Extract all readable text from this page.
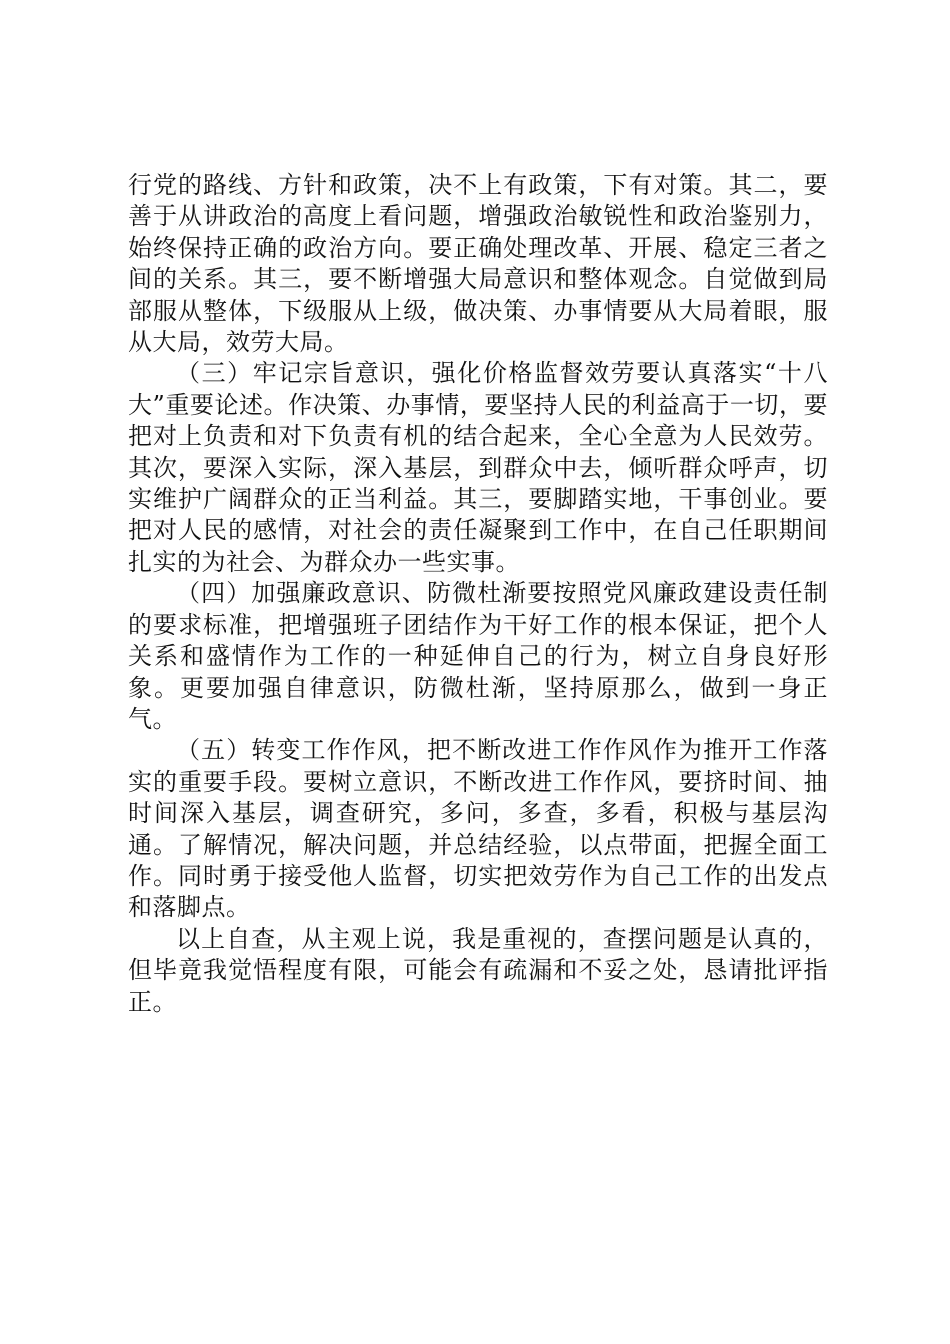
行党的路线、方针和政策，决不上有政策，下有对策。其二，要善于从讲政治的高度上看问题，增强政治敏锐性和政治鉴别力，始终保持正确的政治方向。要正确处理改革、开展、稳定三者之间的关系。其三，要不断增强大局意识和整体观念。自觉做到局部服从整体，下级服从上级，做决策、办事情要从大局着眼，服从大局，效劳大局。

（三）牢记宗旨意识，强化价格监督效劳要认真落实“十八大”重要论述。作决策、办事情，要坚持人民的利益高于一切，要把对上负责和对下负责有机的结合起来，全心全意为人民效劳。其次，要深入实际，深入基层，到群众中去，倾听群众呼声，切实维护广阔群众的正当利益。其三，要脚踏实地，干事创业。要把对人民的感情，对社会的责任凝聚到工作中，在自己任职期间扎实的为社会、为群众办一些实事。

（四）加强廉政意识、防微杜渐要按照党风廉政建设责任制的要求标准，把增强班子团结作为干好工作的根本保证，把个人关系和盛情作为工作的一种延伸自己的行为，树立自身良好形象。更要加强自律意识，防微杜渐，坚持原那么，做到一身正气。

（五）转变工作作风，把不断改进工作作风作为推开工作落实的重要手段。要树立意识，不断改进工作作风，要挤时间、抽时间深入基层，调查研究，多问，多查，多看，积极与基层沟通。了解情况，解决问题，并总结经验，以点带面，把握全面工作。同时勇于接受他人监督，切实把效劳作为自己工作的出发点和落脚点。

以上自查，从主观上说，我是重视的，查摆问题是认真的，但毕竟我觉悟程度有限，可能会有疏漏和不妥之处，恳请批评指正。
